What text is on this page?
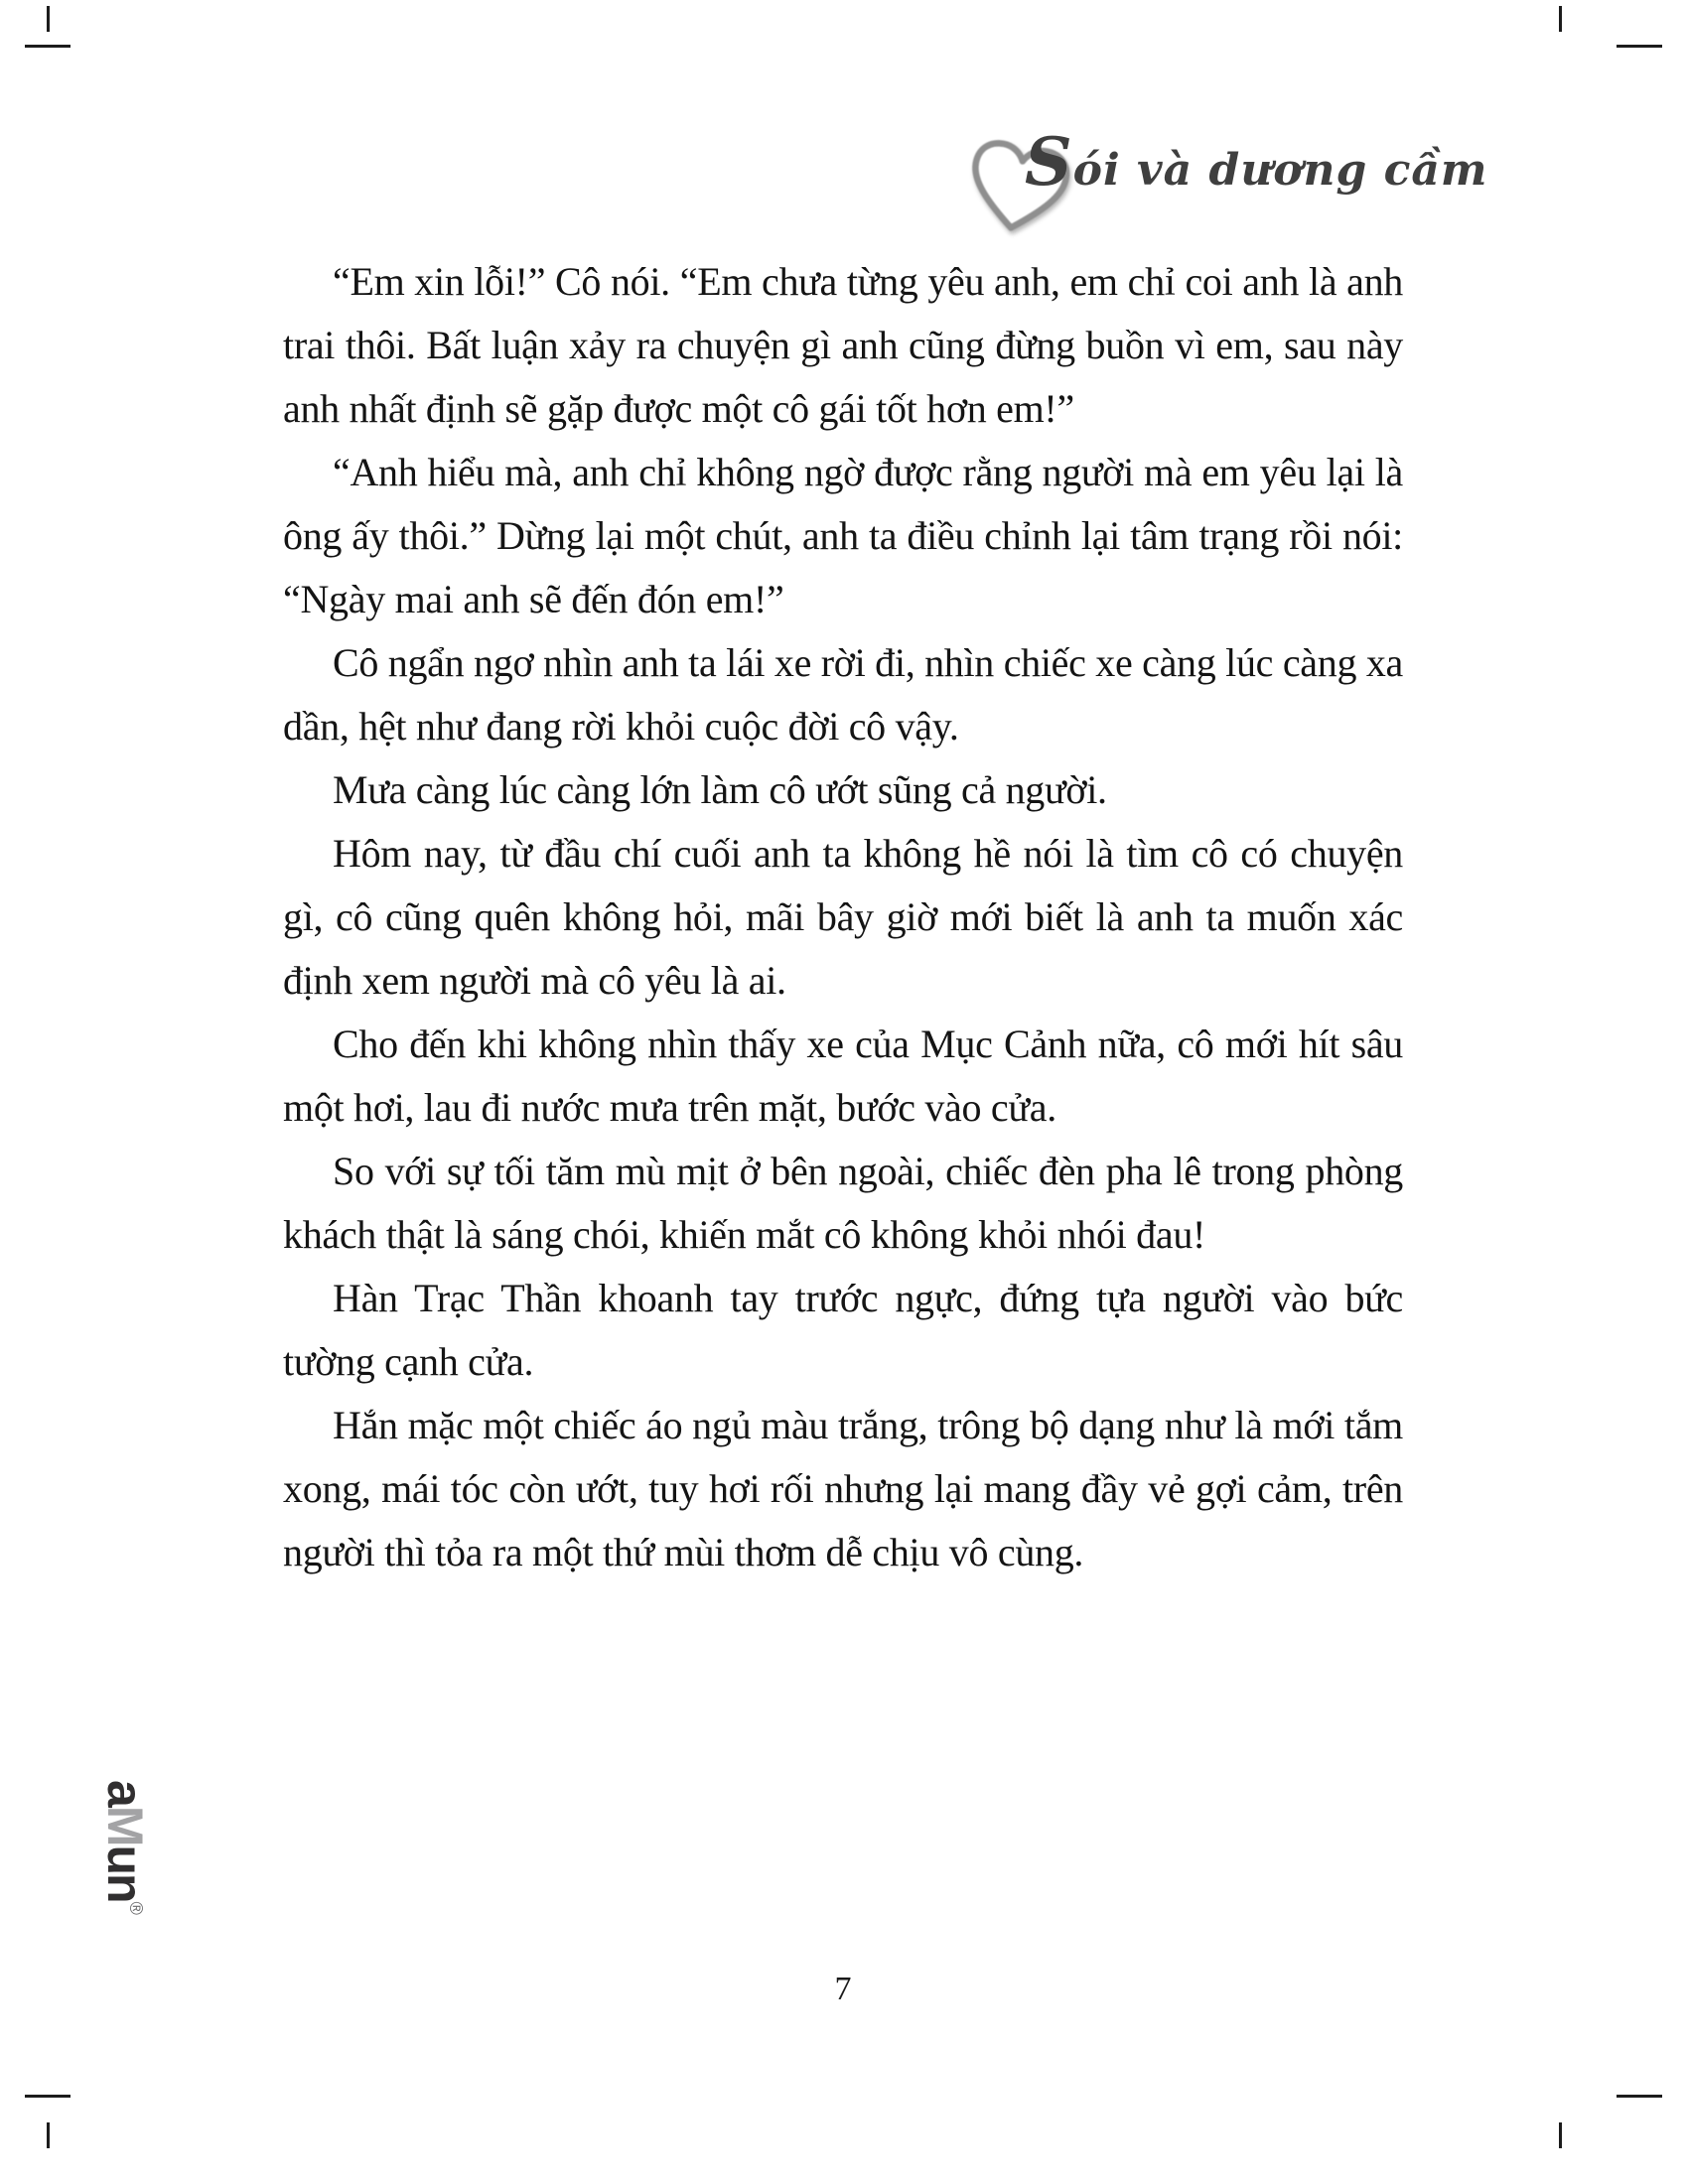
Sói và dương cầm

“Em xin lỗi!” Cô nói. “Em chưa từng yêu anh, em chỉ coi anh là anh trai thôi. Bất luận xảy ra chuyện gì anh cũng đừng buồn vì em, sau này anh nhất định sẽ gặp được một cô gái tốt hơn em!”

“Anh hiểu mà, anh chỉ không ngờ được rằng người mà em yêu lại là ông ấy thôi.” Dừng lại một chút, anh ta điều chỉnh lại tâm trạng rồi nói: “Ngày mai anh sẽ đến đón em!”

Cô ngẩn ngơ nhìn anh ta lái xe rời đi, nhìn chiếc xe càng lúc càng xa dần, hệt như đang rời khỏi cuộc đời cô vậy.

Mưa càng lúc càng lớn làm cô ướt sũng cả người.

Hôm nay, từ đầu chí cuối anh ta không hề nói là tìm cô có chuyện gì, cô cũng quên không hỏi, mãi bây giờ mới biết là anh ta muốn xác định xem người mà cô yêu là ai.

Cho đến khi không nhìn thấy xe của Mục Cảnh nữa, cô mới hít sâu một hơi, lau đi nước mưa trên mặt, bước vào cửa.

So với sự tối tăm mù mịt ở bên ngoài, chiếc đèn pha lê trong phòng khách thật là sáng chói, khiến mắt cô không khỏi nhói đau!

Hàn Trạc Thần khoanh tay trước ngực, đứng tựa người vào bức tường cạnh cửa.

Hắn mặc một chiếc áo ngủ màu trắng, trông bộ dạng như là mới tắm xong, mái tóc còn ướt, tuy hơi rối nhưng lại mang đầy vẻ gợi cảm, trên người thì tỏa ra một thứ mùi thơm dễ chịu vô cùng.

7
aMun®
